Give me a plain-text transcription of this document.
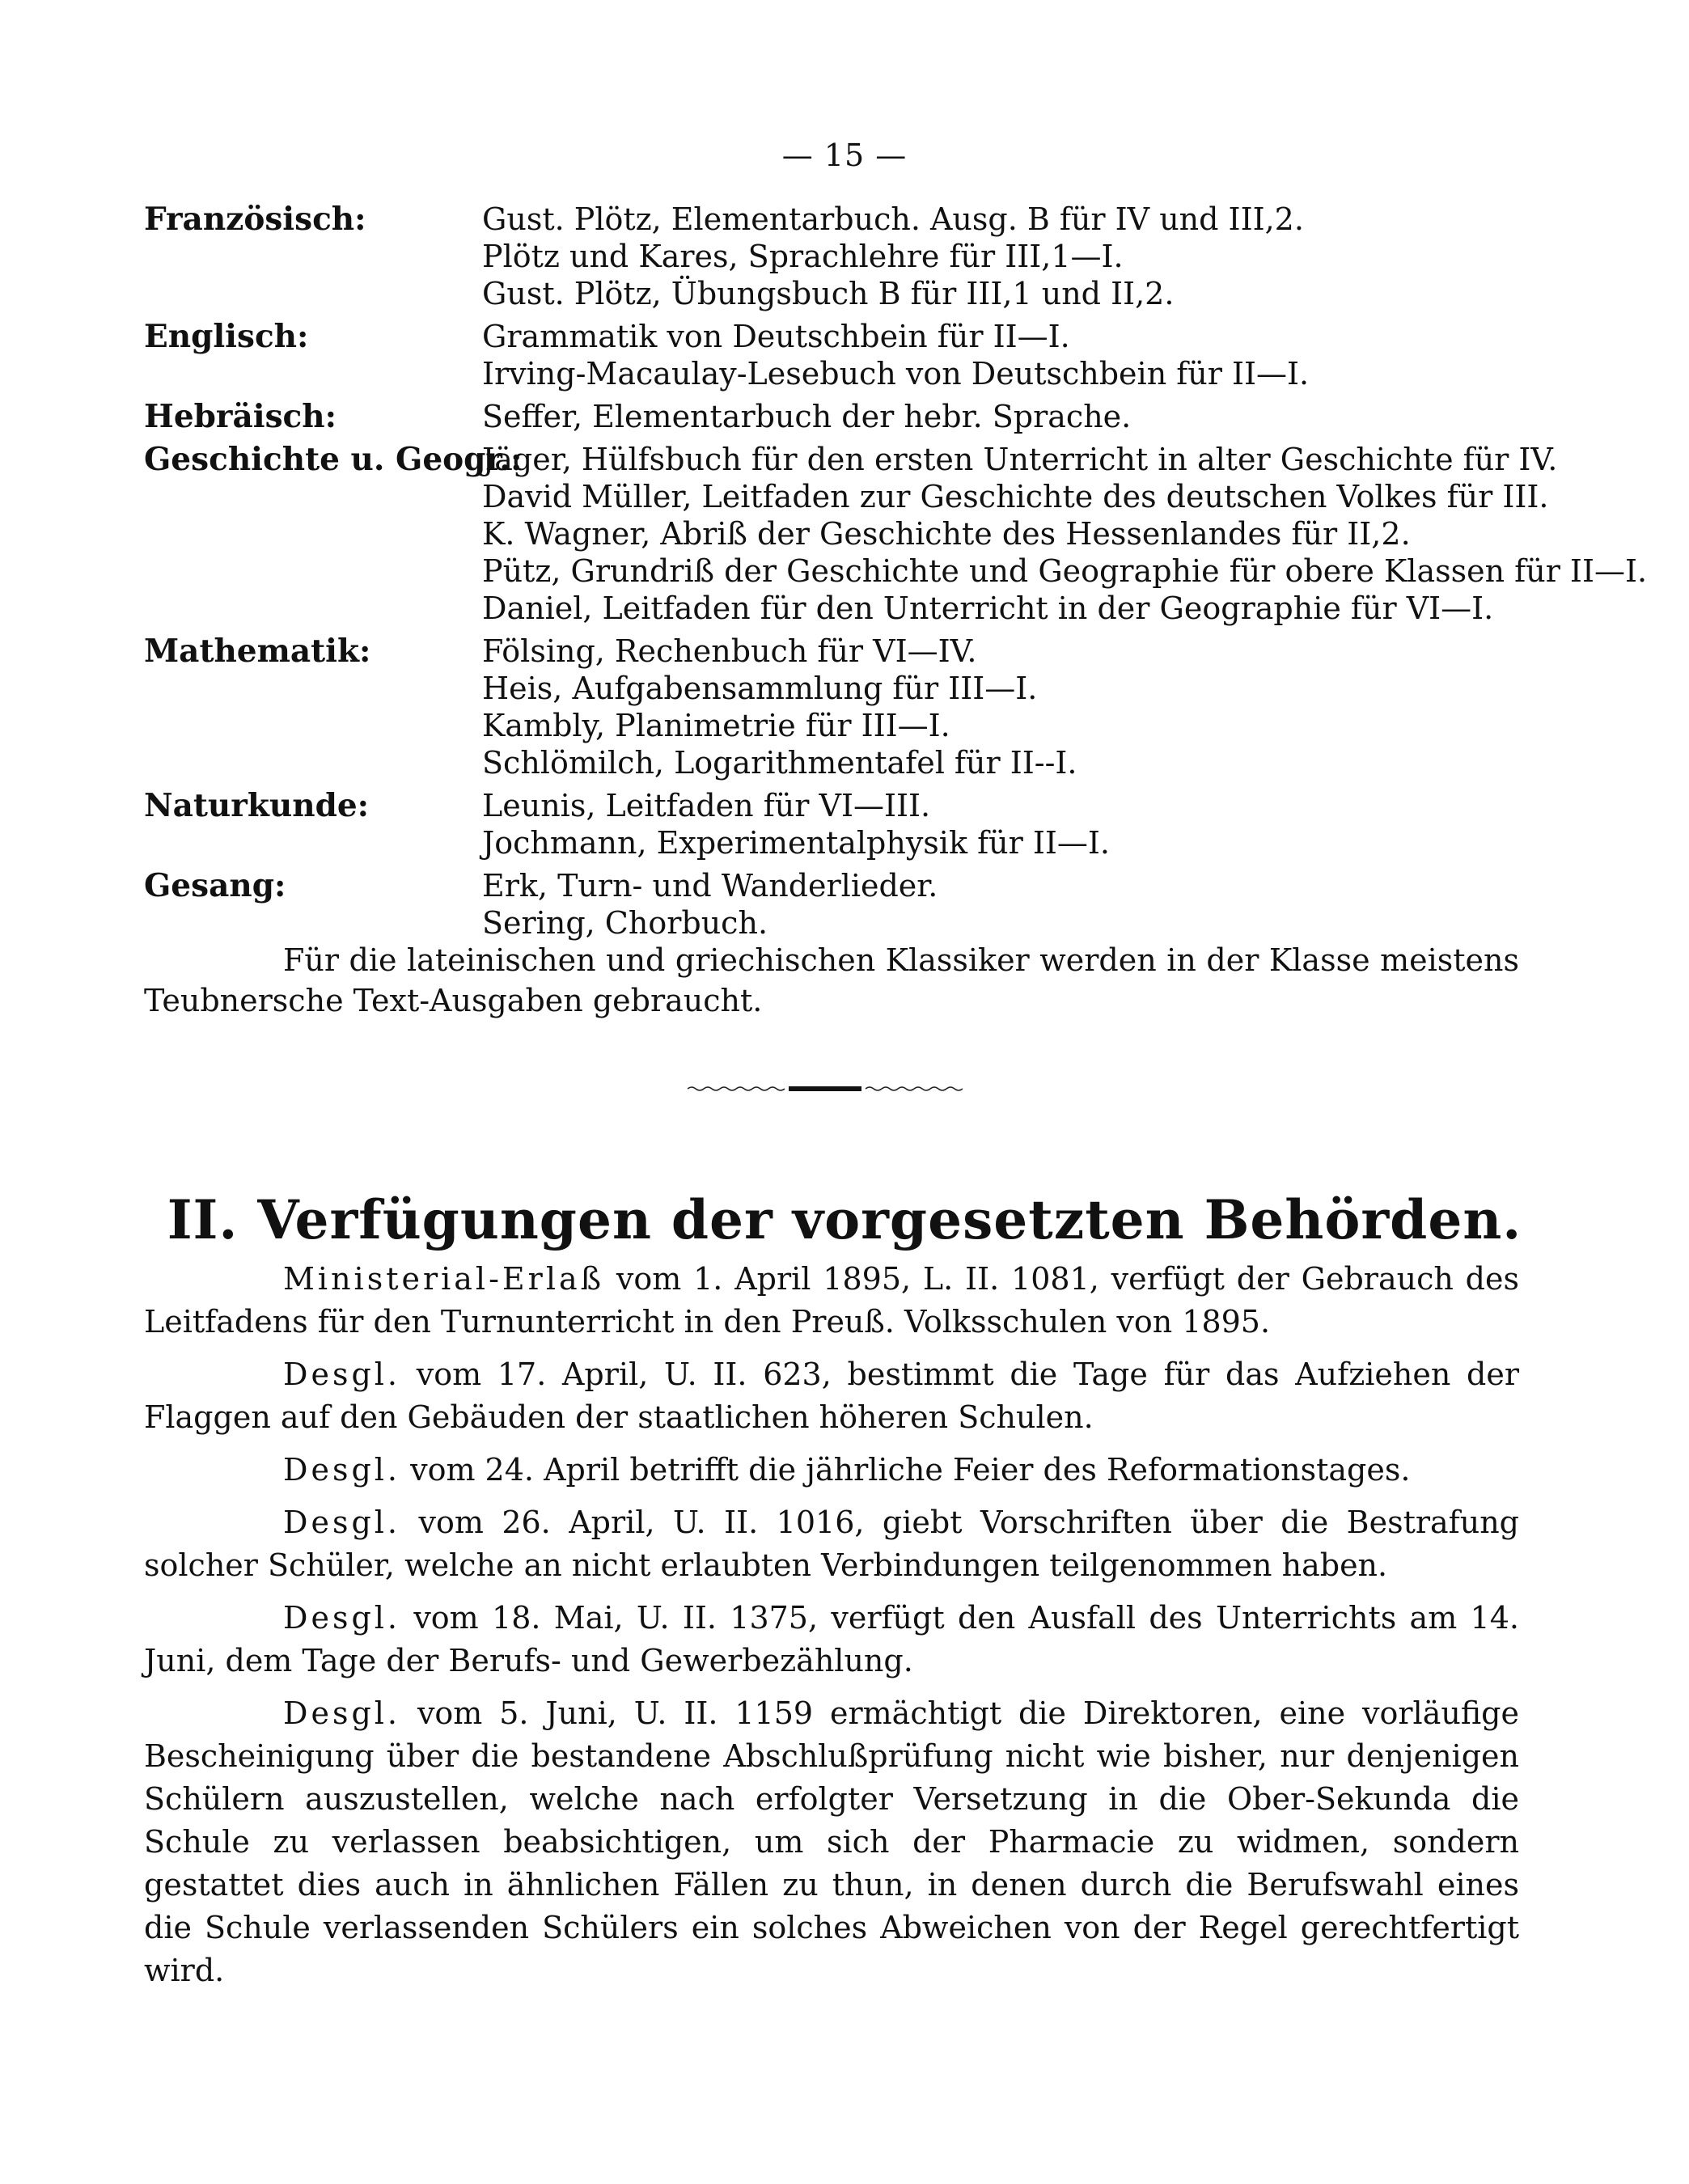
— 15 —
Französisch:	Gust. Plötz, Elementarbuch. Ausg. B für IV und III,2.
Plötz und Kares, Sprachlehre für III,1—I.
Gust. Plötz, Übungsbuch B für III,1 und II,2.
Englisch:	Grammatik von Deutschbein für II—I.
Irving-Macaulay-Lesebuch von Deutschbein für II—I.
Hebräisch:	Seffer, Elementarbuch der hebr. Sprache.
Geschichte u. Geogr.:
Jäger, Hülfsbuch für den ersten Unterricht in alter Geschichte für IV.
David Müller, Leitfaden zur Geschichte des deutschen Volkes für III.
K. Wagner, Abriß der Geschichte des Hessenlandes für II,2.
Pütz, Grundriß der Geschichte und Geographie für obere Klassen für II—I.
Daniel, Leitfaden für den Unterricht in der Geographie für VI—I.
Mathematik:	Fölsing, Rechenbuch für VI—IV.
Heis, Aufgabensammlung für III—I.
Kambly, Planimetrie für III—I.
Schlömilch, Logarithmentafel für II--I.
Naturkunde:	Leunis, Leitfaden für VI—III.
Jochmann, Experimentalphysik für II—I.
Gesang:	Erk, Turn- und Wanderlieder.
Sering, Chorbuch.

Für die lateinischen und griechischen Klassiker werden in der Klasse meistens Teubnersche Text-Ausgaben gebraucht.

II. Verfügungen der vorgesetzten Behörden.

Ministerial-Erlaß vom 1. April 1895, L. II. 1081, verfügt der Gebrauch des Leitfadens für den Turnunterricht in den Preuß. Volksschulen von 1895.

Desgl. vom 17. April, U. II. 623, bestimmt die Tage für das Aufziehen der Flaggen auf den Gebäuden der staatlichen höheren Schulen.

Desgl. vom 24. April betrifft die jährliche Feier des Reformationstages.

Desgl. vom 26. April, U. II. 1016, giebt Vorschriften über die Bestrafung solcher Schüler, welche an nicht erlaubten Verbindungen teilgenommen haben.

Desgl. vom 18. Mai, U. II. 1375, verfügt den Ausfall des Unterrichts am 14. Juni, dem Tage der Berufs- und Gewerbezählung.

Desgl. vom 5. Juni, U. II. 1159 ermächtigt die Direktoren, eine vorläufige Bescheinigung über die bestandene Abschlußprüfung nicht wie bisher, nur denjenigen Schülern auszustellen, welche nach erfolgter Versetzung in die Ober-Sekunda die Schule zu verlassen beabsichtigen, um sich der Pharmacie zu widmen, sondern gestattet dies auch in ähnlichen Fällen zu thun, in denen durch die Berufswahl eines die Schule verlassenden Schülers ein solches Abweichen von der Regel gerechtfertigt wird.
